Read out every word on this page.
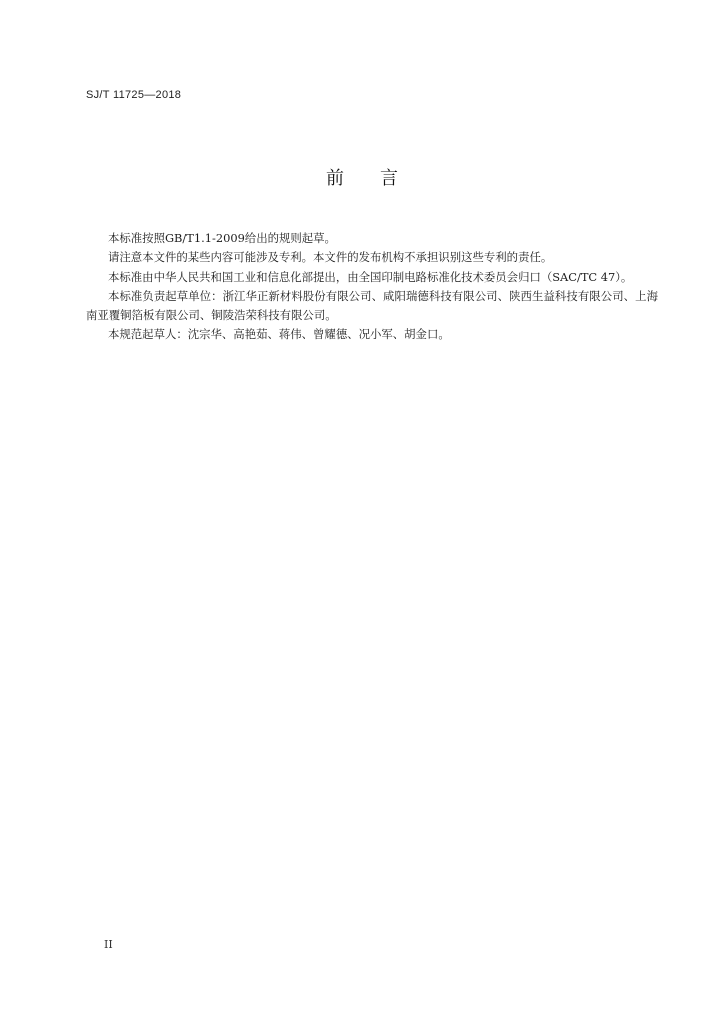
SJ/T 11725—2018
前 言

本标准按照GB/T1.1-2009给出的规则起草。

请注意本文件的某些内容可能涉及专利。本文件的发布机构不承担识别这些专利的责任。

本标准由中华人民共和国工业和信息化部提出，由全国印制电路标准化技术委员会归口（SAC/TC 47）。

本标准负责起草单位：浙江华正新材料股份有限公司、咸阳瑞德科技有限公司、陕西生益科技有限公司、上海南亚覆铜箔板有限公司、铜陵浩荣科技有限公司。

本规范起草人：沈宗华、高艳茹、蒋伟、曾耀德、况小军、胡金口。

II
